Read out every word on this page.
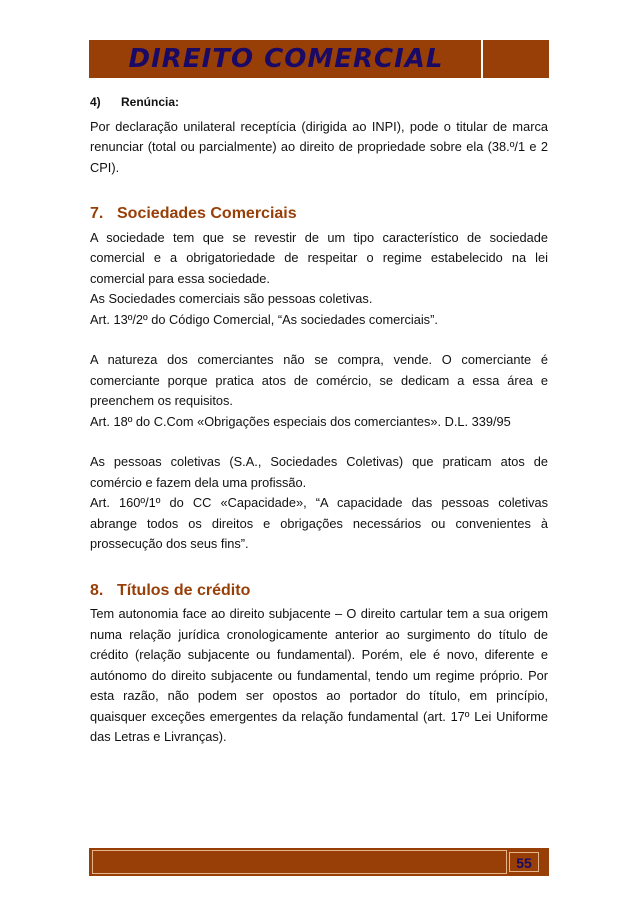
DIREITO COMERCIAL
4) Renúncia:

Por declaração unilateral receptícia (dirigida ao INPI), pode o titular de marca renunciar (total ou parcialmente) ao direito de propriedade sobre ela (38.º/1 e 2 CPI).

7. Sociedades Comerciais

A sociedade tem que se revestir de um tipo característico de sociedade comercial e a obrigatoriedade de respeitar o regime estabelecido na lei comercial para essa sociedade.

As Sociedades comerciais são pessoas coletivas.

Art. 13º/2º do Código Comercial, “As sociedades comerciais”.

A natureza dos comerciantes não se compra, vende. O comerciante é comerciante porque pratica atos de comércio, se dedicam a essa área e preenchem os requisitos.

Art. 18º do C.Com «Obrigações especiais dos comerciantes». D.L. 339/95

As pessoas coletivas (S.A., Sociedades Coletivas) que praticam atos de comércio e fazem dela uma profissão.

Art. 160º/1º do CC «Capacidade», “A capacidade das pessoas coletivas abrange todos os direitos e obrigações necessários ou convenientes à prossecução dos seus fins”.

8. Títulos de crédito

Tem autonomia face ao direito subjacente – O direito cartular tem a sua origem numa relação jurídica cronologicamente anterior ao surgimento do título de crédito (relação subjacente ou fundamental). Porém, ele é novo, diferente e autónomo do direito subjacente ou fundamental, tendo um regime próprio. Por esta razão, não podem ser opostos ao portador do título, em princípio, quaisquer exceções emergentes da relação fundamental (art. 17º Lei Uniforme das Letras e Livranças).

55
